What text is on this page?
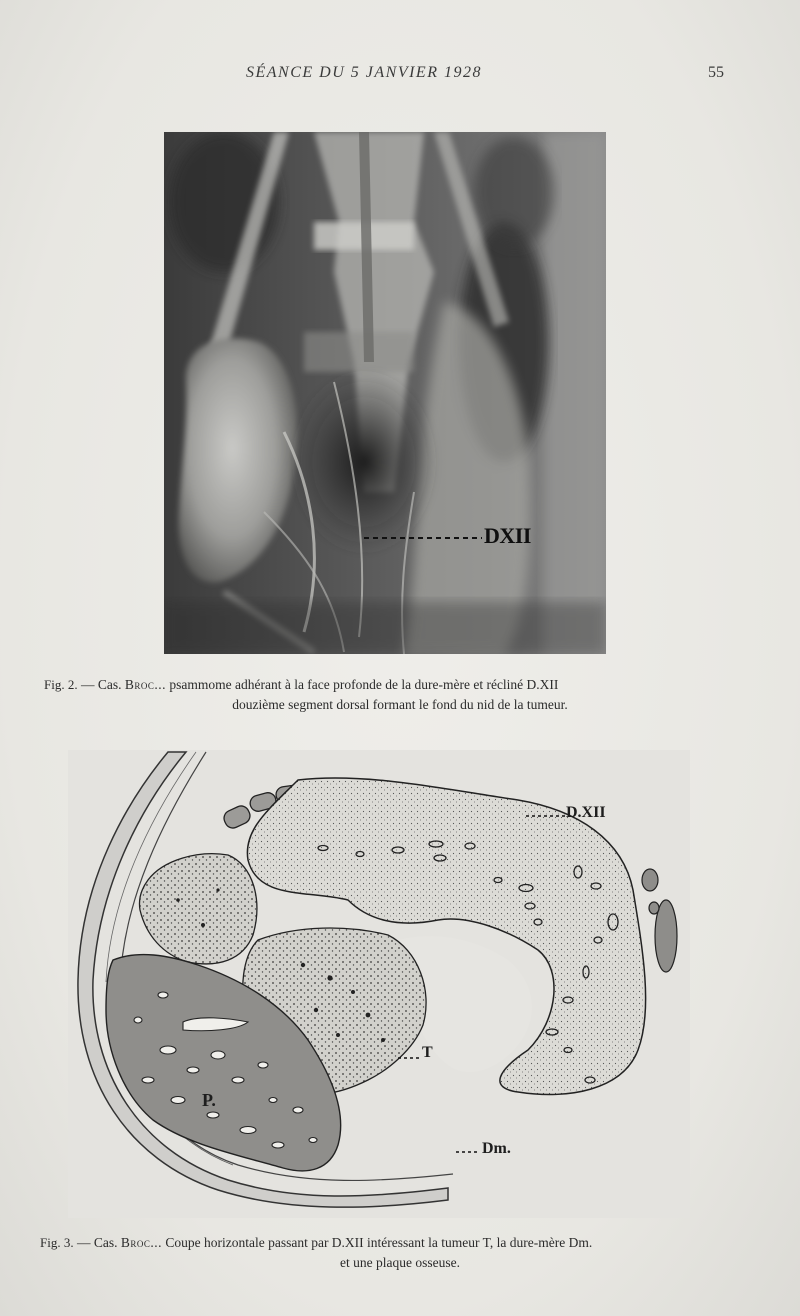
SÉANCE DU 5 JANVIER 1928	55
DXII
Fig. 2. — Cas. Broc... psammome adhérant à la face profonde de la dure-mère et récliné D.XII
douzième segment dorsal formant le fond du nid de la tumeur.
D.XII
T
P.
Dm.
Fig. 3. — Cas. Broc... Coupe horizontale passant par D.XII intéressant la tumeur T, la dure-mère Dm.
et une plaque osseuse.
